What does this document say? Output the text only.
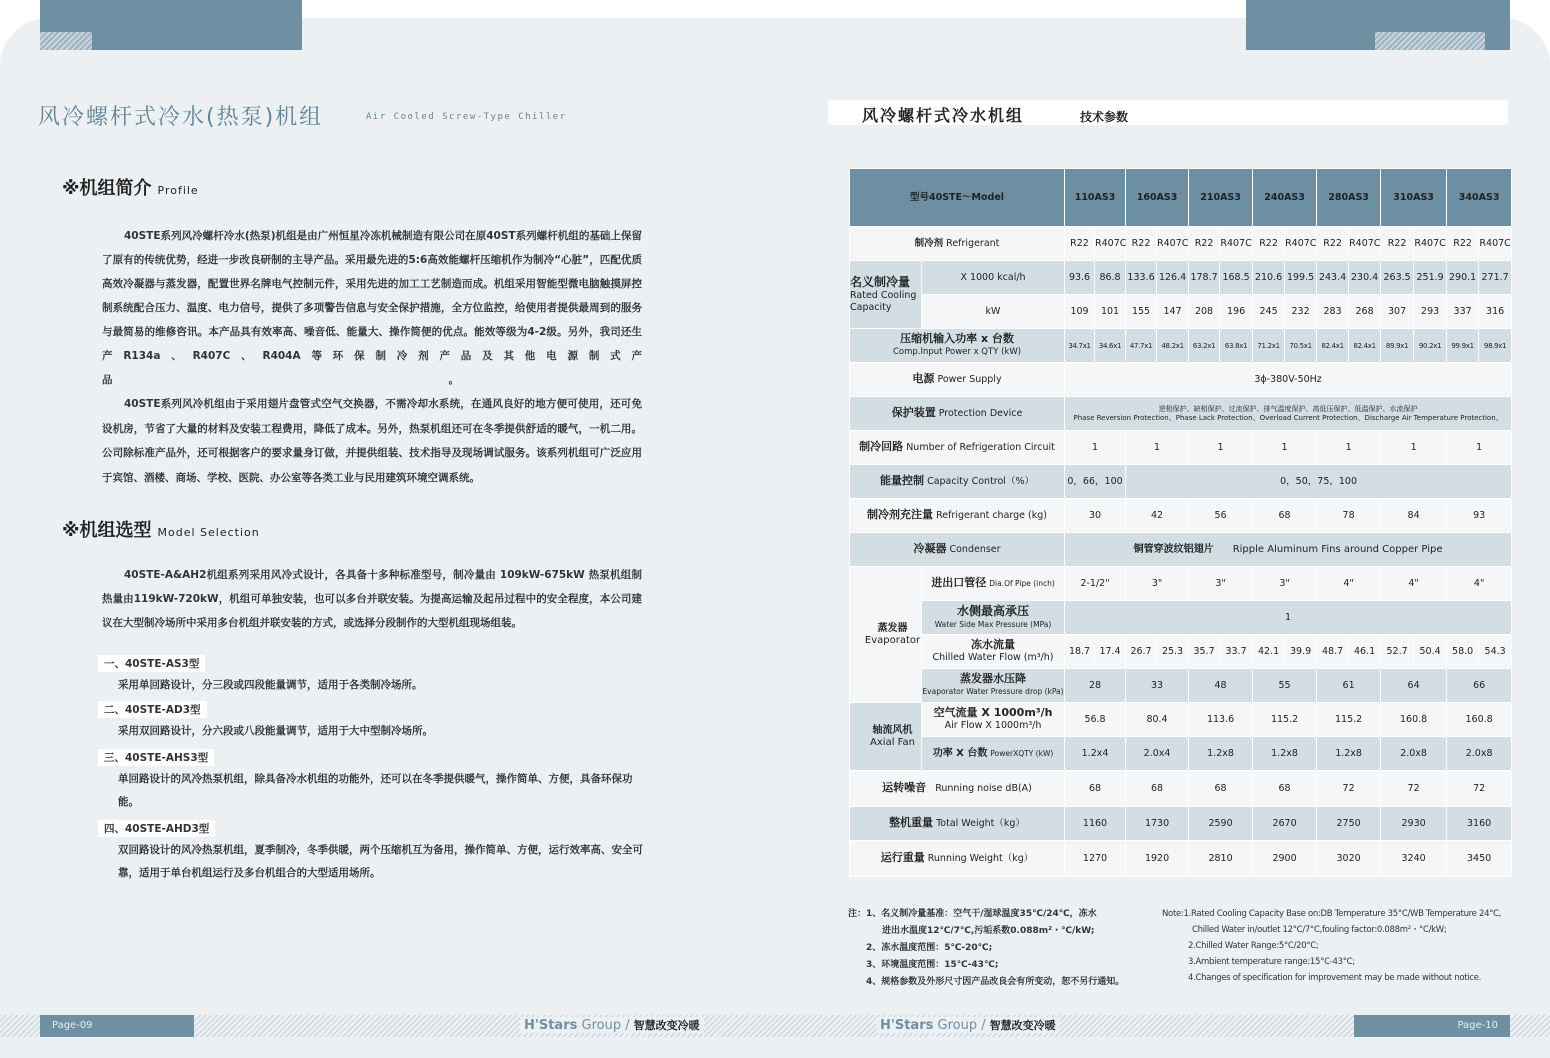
风冷螺杆式冷水(热泵)机组	Air Cooled Screw-Type Chiller
※机组简介 Profile
40STE系列风冷螺杆冷水(热泵)机组是由广州恒星冷冻机械制造有限公司在原40ST系列螺杆机组的基础上保留了原有的传统优势，经进一步改良研制的主导产品。采用最先进的5:6高效能螺杆压缩机作为制冷“心脏”，匹配优质高效冷凝器与蒸发器，配置世界名牌电气控制元件，采用先进的加工工艺制造而成。机组采用智能型微电脑触摸屏控制系统配合压力、温度、电力信号，提供了多项警告信息与安全保护措施，全方位监控，给使用者提供最周到的服务与最简易的维修咨讯。本产品具有效率高、噪音低、能量大、操作简便的优点。能效等级为4-2级。另外，我司还生产R134a、R407C、R404A等环保制冷剂产品及其他电源制式产品　　　　　　　　　　　　　　　　　　　　　　　　　　　　　　　　。
40STE系列风冷机组由于采用翅片盘管式空气交换器，不需冷却水系统，在通风良好的地方便可使用，还可免设机房，节省了大量的材料及安装工程费用，降低了成本。另外，热泵机组还可在冬季提供舒适的暖气，一机二用。公司除标准产品外，还可根据客户的要求量身订做，并提供组装、技术指导及现场调试服务。该系列机组可广泛应用于宾馆、酒楼、商场、学校、医院、办公室等各类工业与民用建筑环境空调系统。
※机组选型 Model Selection
40STE-A&AH2机组系列采用风冷式设计，各具备十多种标准型号，制冷量由 109kW-675kW 热泵机组制热量由119kW-720kW，机组可单独安装，也可以多台并联安装。为提高运输及起吊过程中的安全程度，本公司建议在大型制冷场所中采用多台机组并联安装的方式，或选择分段制作的大型机组现场组装。
一、40STE-AS3型
采用单回路设计，分三段或四段能量调节，适用于各类制冷场所。
二、40STE-AD3型
采用双回路设计，分六段或八段能量调节，适用于大中型制冷场所。
三、40STE-AHS3型
单回路设计的风冷热泵机组，除具备冷水机组的功能外，还可以在冬季提供暖气，操作简单、方便，具备环保功能。
四、40STE-AHD3型
双回路设计的风冷热泵机组，夏季制冷，冬季供暖，两个压缩机互为备用，操作简单、方便，运行效率高、安全可靠，适用于单台机组运行及多台机组合的大型适用场所。
风冷螺杆式冷水机组	技术参数
型号40STE～Model		110AS3		160AS3		210AS3		240AS3		280AS3		310AS3		340AS3	
制冷剂 Refrigerant		R22	R407C	R22	R407C	R22	R407C	R22	R407C	R22	R407C	R22	R407C	R22	R407C
名义制冷量
Rated Cooling Capacity	X 1000 kcal/h	93.6	86.8	133.6	126.4	178.7	168.5	210.6	199.5	243.4	230.4	263.5	251.9	290.1	271.7
	kW	109	101	155	147	208	196	245	232	283	268	307	293	337	316
压缩机输入功率 x 台数
Comp.Input Power x QTY (kW)		34.7x1	34.6x1	47.7x1	48.2x1	63.2x1	63.8x1	71.2x1	70.5x1	82.4x1	82.4x1	89.9x1	90.2x1	99.9x1	98.9x1
电源 Power Supply		3ϕ-380V-50Hz													
保护装置 Protection Device		逆相保护、缺相保护、过流保护、排气温度保护、高低压保护、低温保护、水流保护
Phase Reversion Protection、Phase Lack Protection、Overload Current Protection、Discharge Air Temperature Protection、													
制冷回路 Number of Refrigeration Circuit		1		1		1		1		1		1		1	
能量控制 Capacity Control（%）		0，66，100		0，50，75，100											
制冷剂充注量 Refrigerant charge (kg)		30		42		56		68		78		84		93	
冷凝器 Condenser		铜管穿波纹铝翅片 Ripple Aluminum Fins around Copper Pipe													
蒸发器
Evaporator	进出口管径 Dia.Of Pipe (inch)	2-1/2"		3"		3"		3"		4"		4"		4"	
	水侧最高承压
Water Side Max Pressure (MPa)	1													
	冻水流量
Chilled Water Flow (m³/h)	18.7	17.4	26.7	25.3	35.7	33.7	42.1	39.9	48.7	46.1	52.7	50.4	58.0	54.3
	蒸发器水压降
Evaporator Water Pressure drop (kPa)	28		33		48		55		61		64		66	
轴流风机
Axial Fan	空气流量 X 1000m³/h
Air Flow X 1000m³/h	56.8		80.4		113.6		115.2		115.2		160.8		160.8	
	功率 X 台数 PowerXQTY (kW)	1.2x4		2.0x4		1.2x8		1.2x8		1.2x8		2.0x8		2.0x8	
运转噪音 Running noise dB(A)		68		68		68		68		72		72		72	
整机重量 Total Weight（kg）		1160		1730		2590		2670		2750		2930		3160	
运行重量 Running Weight（kg）		1270		1920		2810		2900		3020		3240		3450	
注：1、名义制冷量基准：空气干/湿球温度35℃/24℃，冻水
进出水温度12℃/7℃,污垢系数0.088m²・℃/kW;
2、冻水温度范围：5℃-20℃;
3、环境温度范围：15℃-43℃;
4、规格参数及外形尺寸因产品改良会有所变动，恕不另行通知。
Note:1.Rated Cooling Capacity Base on:DB Temperature 35°C/WB Temperature 24°C,
Chilled Water in/outlet 12°C/7°C,fouling factor:0.088m²・°C/kW;
2.Chilled Water Range:5°C/20°C;
3.Ambient temperature range:15°C-43°C;
4.Changes of specification for improvement may be made without notice.
Page-09	Page-10
H'Stars Group / 智慧改变冷暖	H'Stars Group / 智慧改变冷暖
